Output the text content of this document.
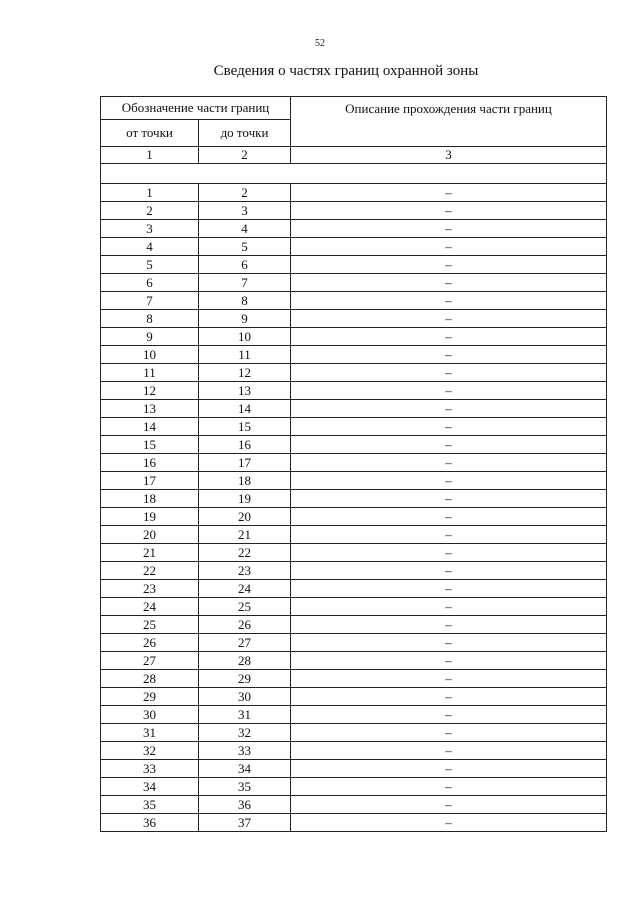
52
Сведения о частях границ охранной зоны
Обозначение части границ		Описание прохождения части границ
от точки	до точки	
1	2	3

1	2	–
2	3	–
3	4	–
4	5	–
5	6	–
6	7	–
7	8	–
8	9	–
9	10	–
10	11	–
11	12	–
12	13	–
13	14	–
14	15	–
15	16	–
16	17	–
17	18	–
18	19	–
19	20	–
20	21	–
21	22	–
22	23	–
23	24	–
24	25	–
25	26	–
26	27	–
27	28	–
28	29	–
29	30	–
30	31	–
31	32	–
32	33	–
33	34	–
34	35	–
35	36	–
36	37	–
